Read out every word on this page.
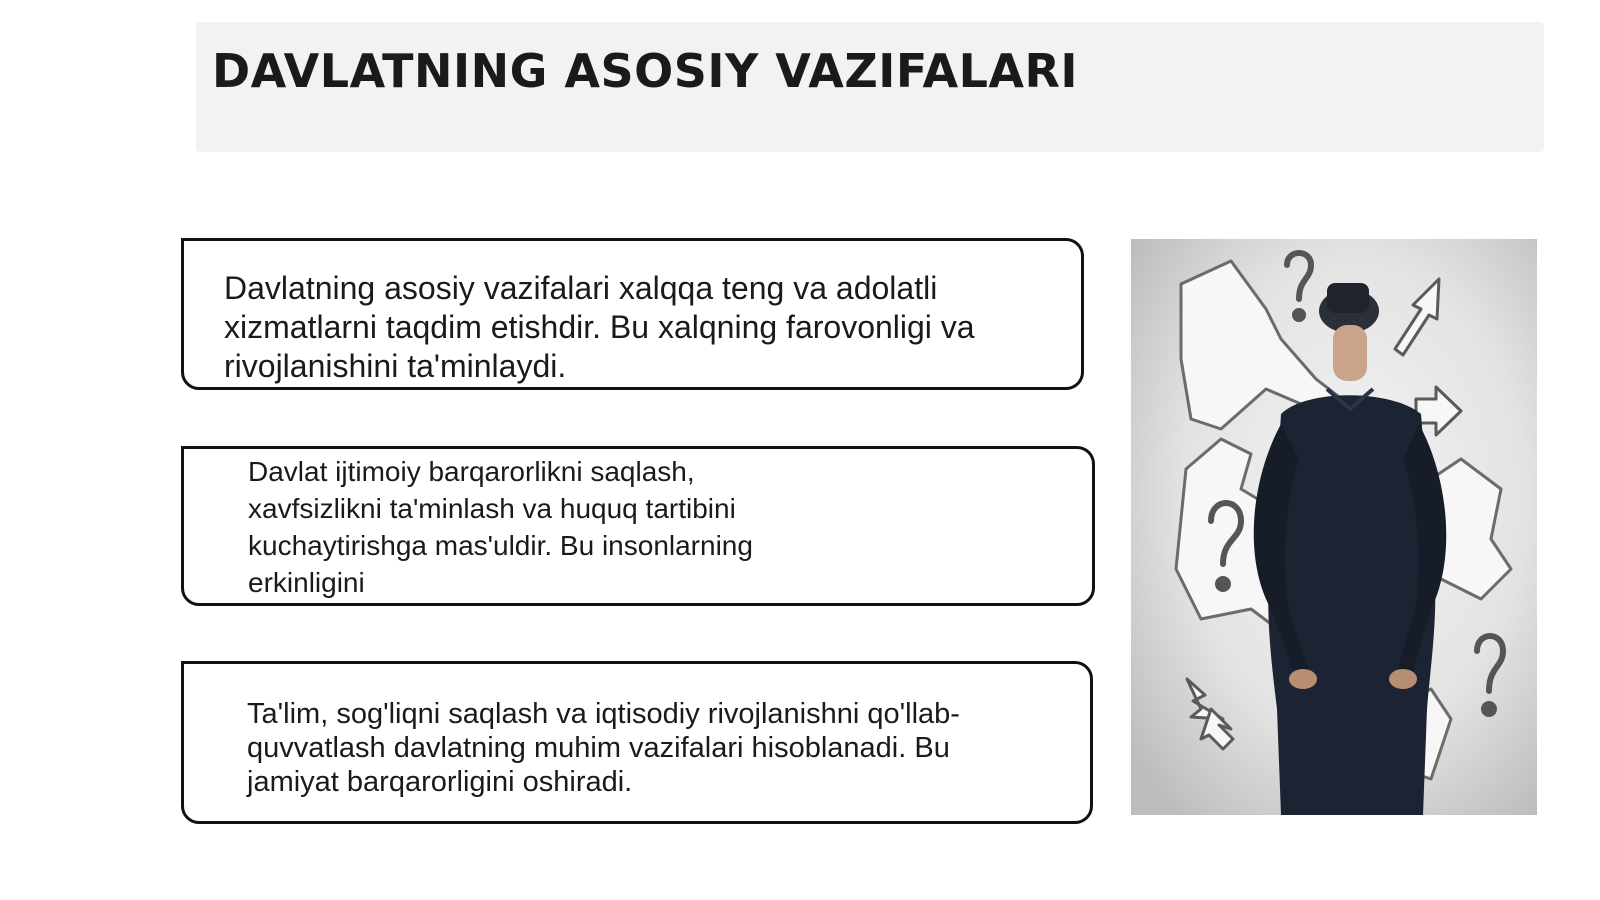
DAVLATNING ASOSIY VAZIFALARI

Davlatning asosiy vazifalari xalqqa teng va adolatli xizmatlarni taqdim etishdir. Bu xalqning farovonligi va rivojlanishini ta'minlaydi.

Davlat ijtimoiy barqarorlikni saqlash, xavfsizlikni ta'minlash va huquq tartibini kuchaytirishga mas'uldir. Bu insonlarning erkinligini

Ta'lim, sog'liqni saqlash va iqtisodiy rivojlanishni qo'llab-quvvatlash davlatning muhim vazifalari hisoblanadi. Bu jamiyat barqarorligini oshiradi.
